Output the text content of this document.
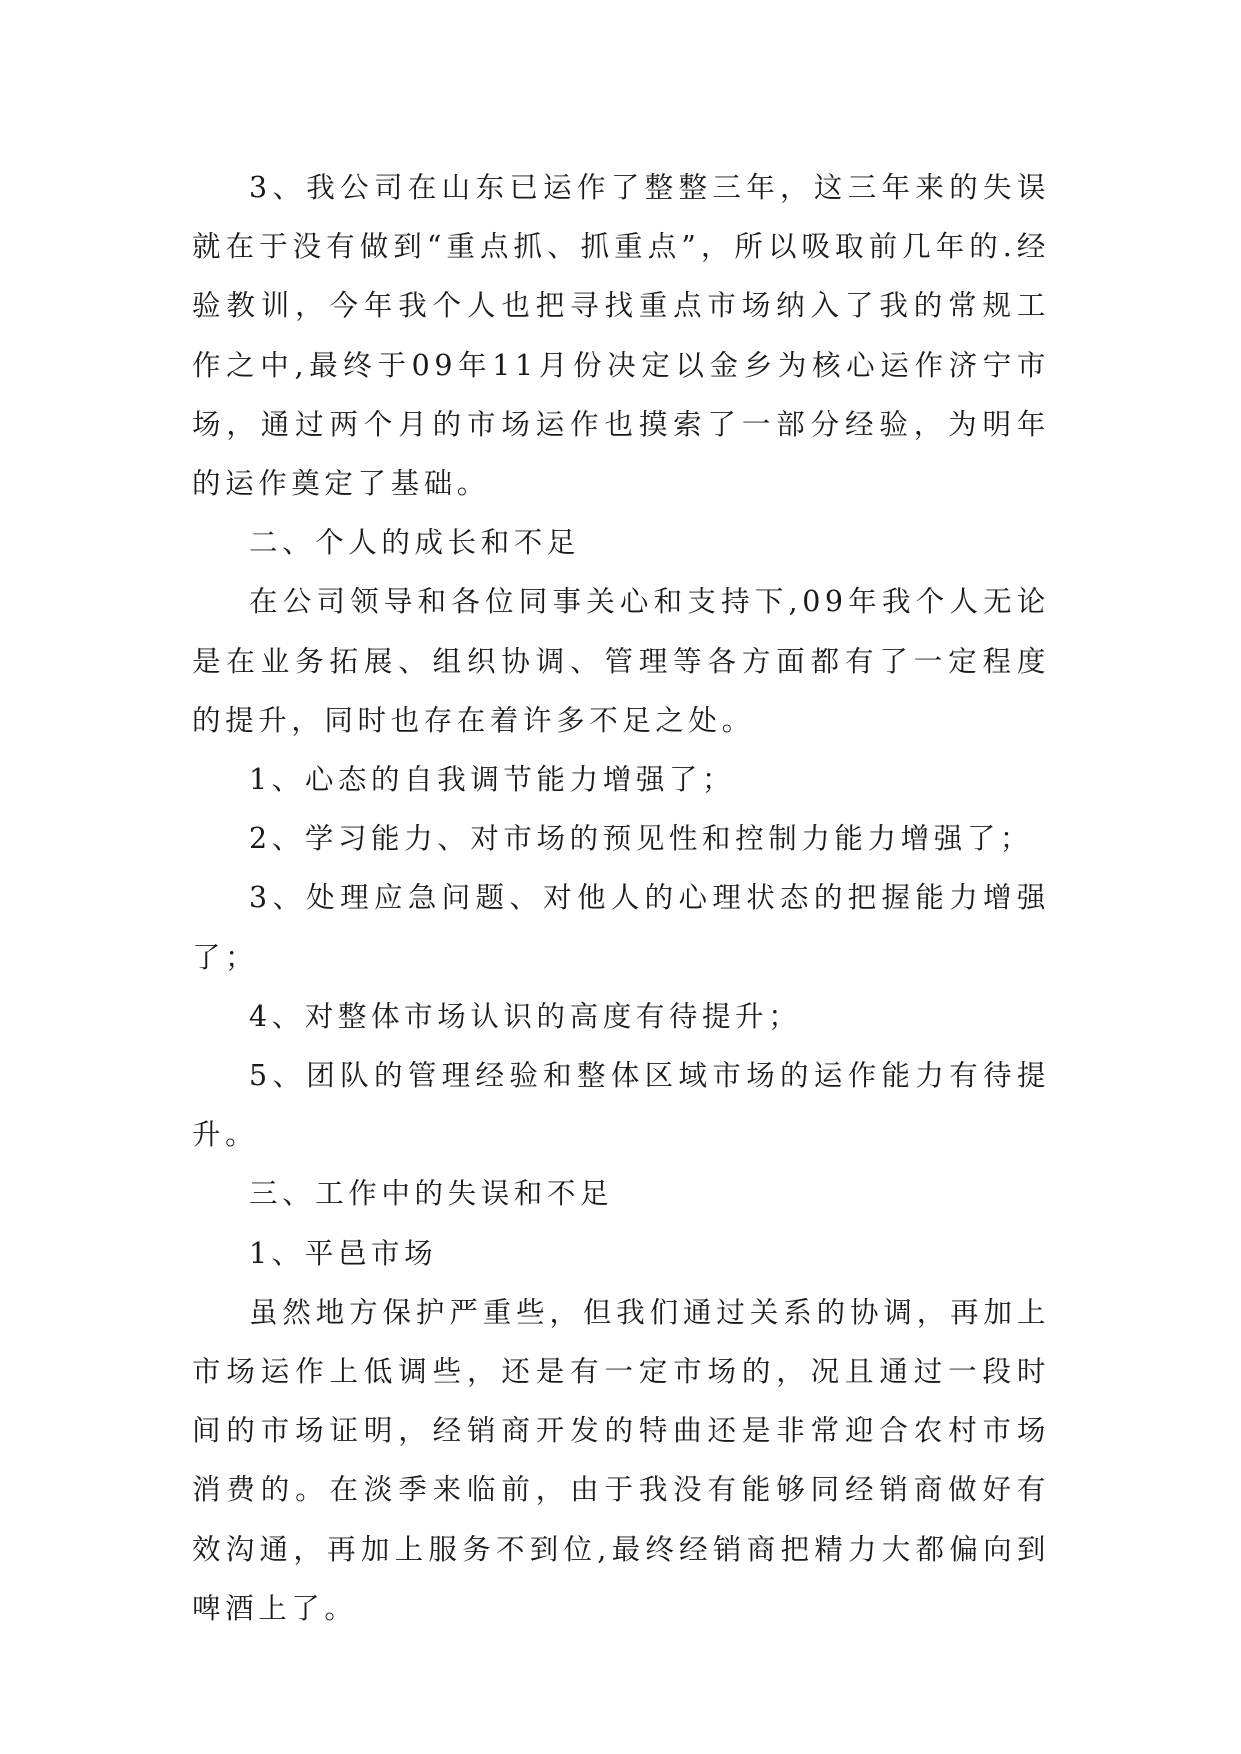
3、我公司在山东已运作了整整三年，这三年来的失误就在于没有做到“重点抓、抓重点”，所以吸取前几年的.经验教训，今年我个人也把寻找重点市场纳入了我的常规工作之中,最终于09年11月份决定以金乡为核心运作济宁市场，通过两个月的市场运作也摸索了一部分经验，为明年的运作奠定了基础。

二、个人的成长和不足

在公司领导和各位同事关心和支持下,09年我个人无论是在业务拓展、组织协调、管理等各方面都有了一定程度的提升，同时也存在着许多不足之处。

1、心态的自我调节能力增强了；

2、学习能力、对市场的预见性和控制力能力增强了；

3、处理应急问题、对他人的心理状态的把握能力增强了；

4、对整体市场认识的高度有待提升；

5、团队的管理经验和整体区域市场的运作能力有待提升。

三、工作中的失误和不足

1、平邑市场

虽然地方保护严重些，但我们通过关系的协调，再加上市场运作上低调些，还是有一定市场的，况且通过一段时间的市场证明，经销商开发的特曲还是非常迎合农村市场消费的。在淡季来临前，由于我没有能够同经销商做好有效沟通，再加上服务不到位,最终经销商把精力大都偏向到啤酒上了。
